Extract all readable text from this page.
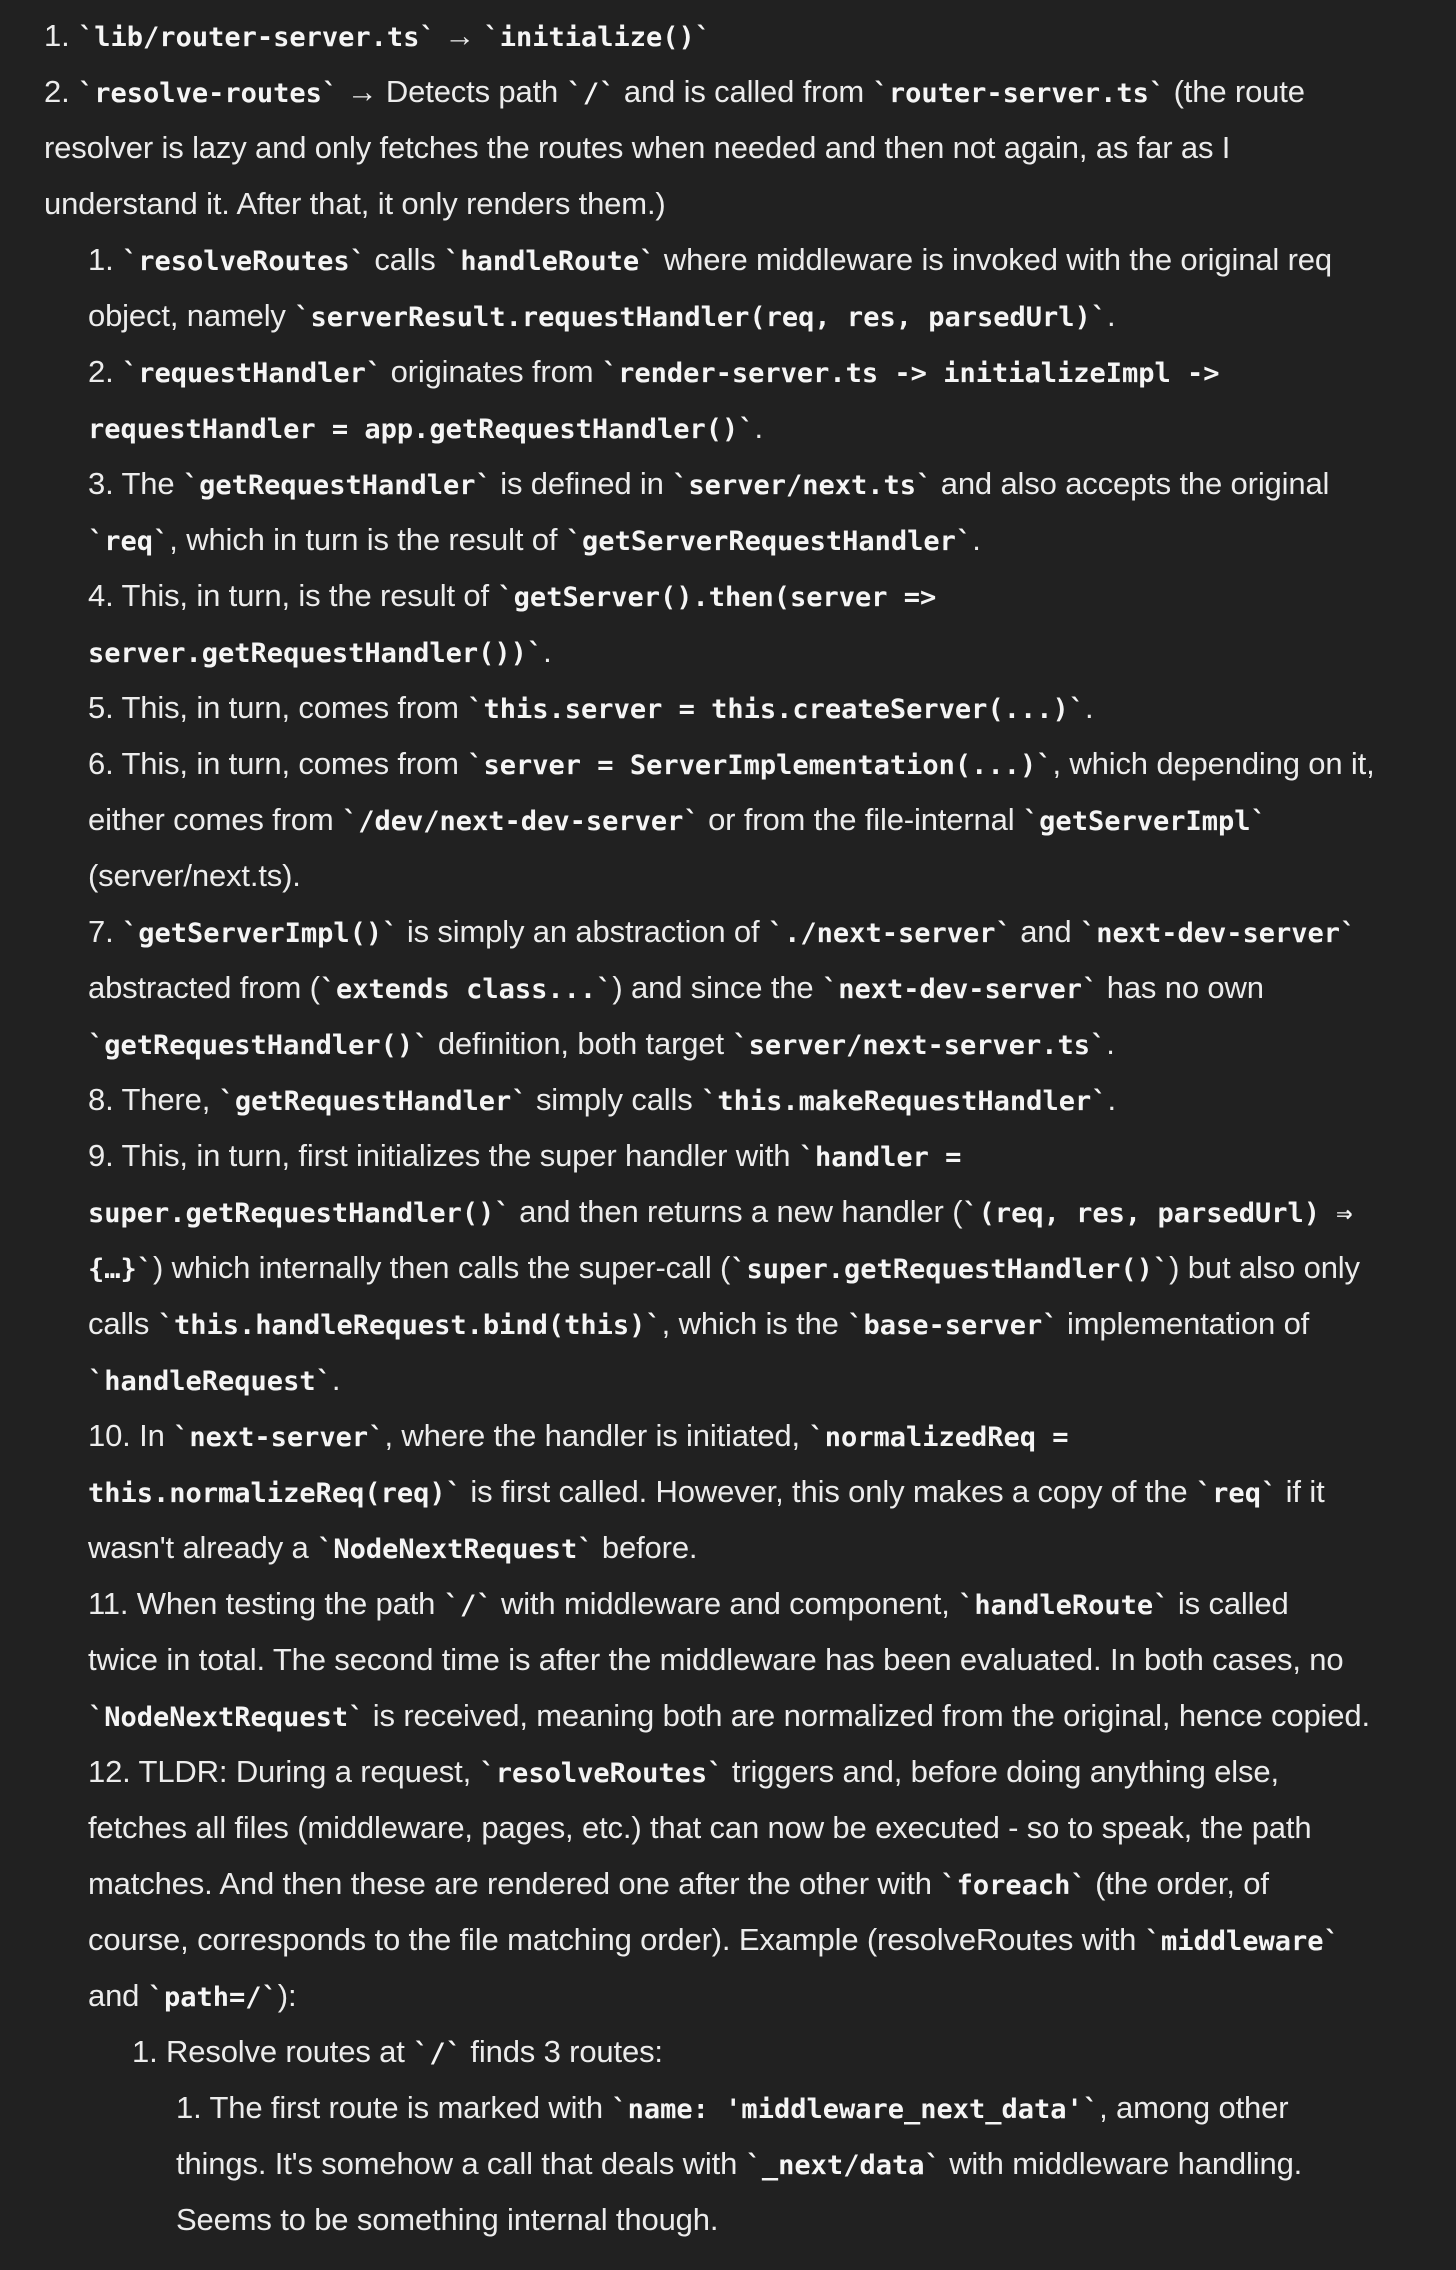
1. `lib/router-server.ts` → `initialize()`
2. `resolve-routes` → Detects path `/` and is called from `router-server.ts` (the route
resolver is lazy and only fetches the routes when needed and then not again, as far as I
understand it. After that, it only renders them.)
1. `resolveRoutes` calls `handleRoute` where middleware is invoked with the original req
object, namely `serverResult.requestHandler(req, res, parsedUrl)`.
2. `requestHandler` originates from `render-server.ts -> initializeImpl ->
requestHandler = app.getRequestHandler()`.
3. The `getRequestHandler` is defined in `server/next.ts` and also accepts the original
`req`, which in turn is the result of `getServerRequestHandler`.
4. This, in turn, is the result of `getServer().then(server =>
server.getRequestHandler())`.
5. This, in turn, comes from `this.server = this.createServer(...)`.
6. This, in turn, comes from `server = ServerImplementation(...)`, which depending on it,
either comes from `/dev/next-dev-server` or from the file-internal `getServerImpl`
(server/next.ts).
7. `getServerImpl()` is simply an abstraction of `./next-server` and `next-dev-server`
abstracted from (`extends class...`) and since the `next-dev-server` has no own
`getRequestHandler()` definition, both target `server/next-server.ts`.
8. There, `getRequestHandler` simply calls `this.makeRequestHandler`.
9. This, in turn, first initializes the super handler with `handler =
super.getRequestHandler()` and then returns a new handler (`(req, res, parsedUrl) ⇒
{…}`) which internally then calls the super-call (`super.getRequestHandler()`) but also only
calls `this.handleRequest.bind(this)`, which is the `base-server` implementation of
`handleRequest`.
10. In `next-server`, where the handler is initiated, `normalizedReq =
this.normalizeReq(req)` is first called. However, this only makes a copy of the `req` if it
wasn't already a `NodeNextRequest` before.
11. When testing the path `/` with middleware and component, `handleRoute` is called
twice in total. The second time is after the middleware has been evaluated. In both cases, no
`NodeNextRequest` is received, meaning both are normalized from the original, hence copied.
12. TLDR: During a request, `resolveRoutes` triggers and, before doing anything else,
fetches all files (middleware, pages, etc.) that can now be executed - so to speak, the path
matches. And then these are rendered one after the other with `foreach` (the order, of
course, corresponds to the file matching order). Example (resolveRoutes with `middleware`
and `path=/`):
1. Resolve routes at `/` finds 3 routes:
1. The first route is marked with `name: 'middleware_next_data'`, among other
things. It's somehow a call that deals with `_next/data` with middleware handling.
Seems to be something internal though.
